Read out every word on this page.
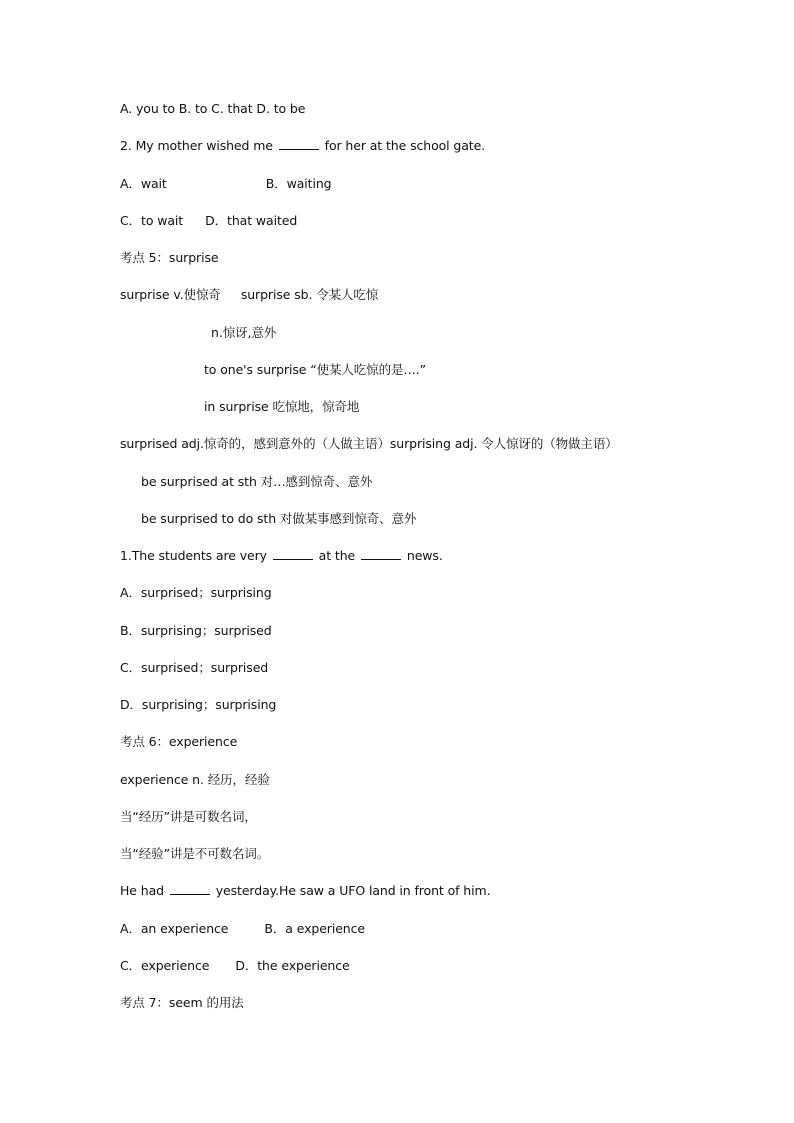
A. you to B. to C. that D. to be
2. My mother wished me	for her at the school gate.
A．wait	B．waiting
C．to wait D．that waited
考点 5：surprise
surprise v.使惊奇 surprise sb. 令某人吃惊
n.惊讶,意外
to one's surprise “使某人吃惊的是….”
in surprise 吃惊地，惊奇地
surprised adj.惊奇的，感到意外的（人做主语）surprising adj. 令人惊讶的（物做主语）
be surprised at sth 对…感到惊奇、意外
be surprised to do sth 对做某事感到惊奇、意外
1.The students are very	at the	news.
A．surprised；surprising
B．surprising；surprised
C．surprised；surprised
D．surprising；surprising
考点 6：experience
experience n. 经历，经验
当“经历”讲是可数名词，
当“经验”讲是不可数名词。
He had	yesterday.He saw a UFO land in front of him.
A．an experience	B．a experience
C．experience D．the experience
考点 7：seem 的用法
